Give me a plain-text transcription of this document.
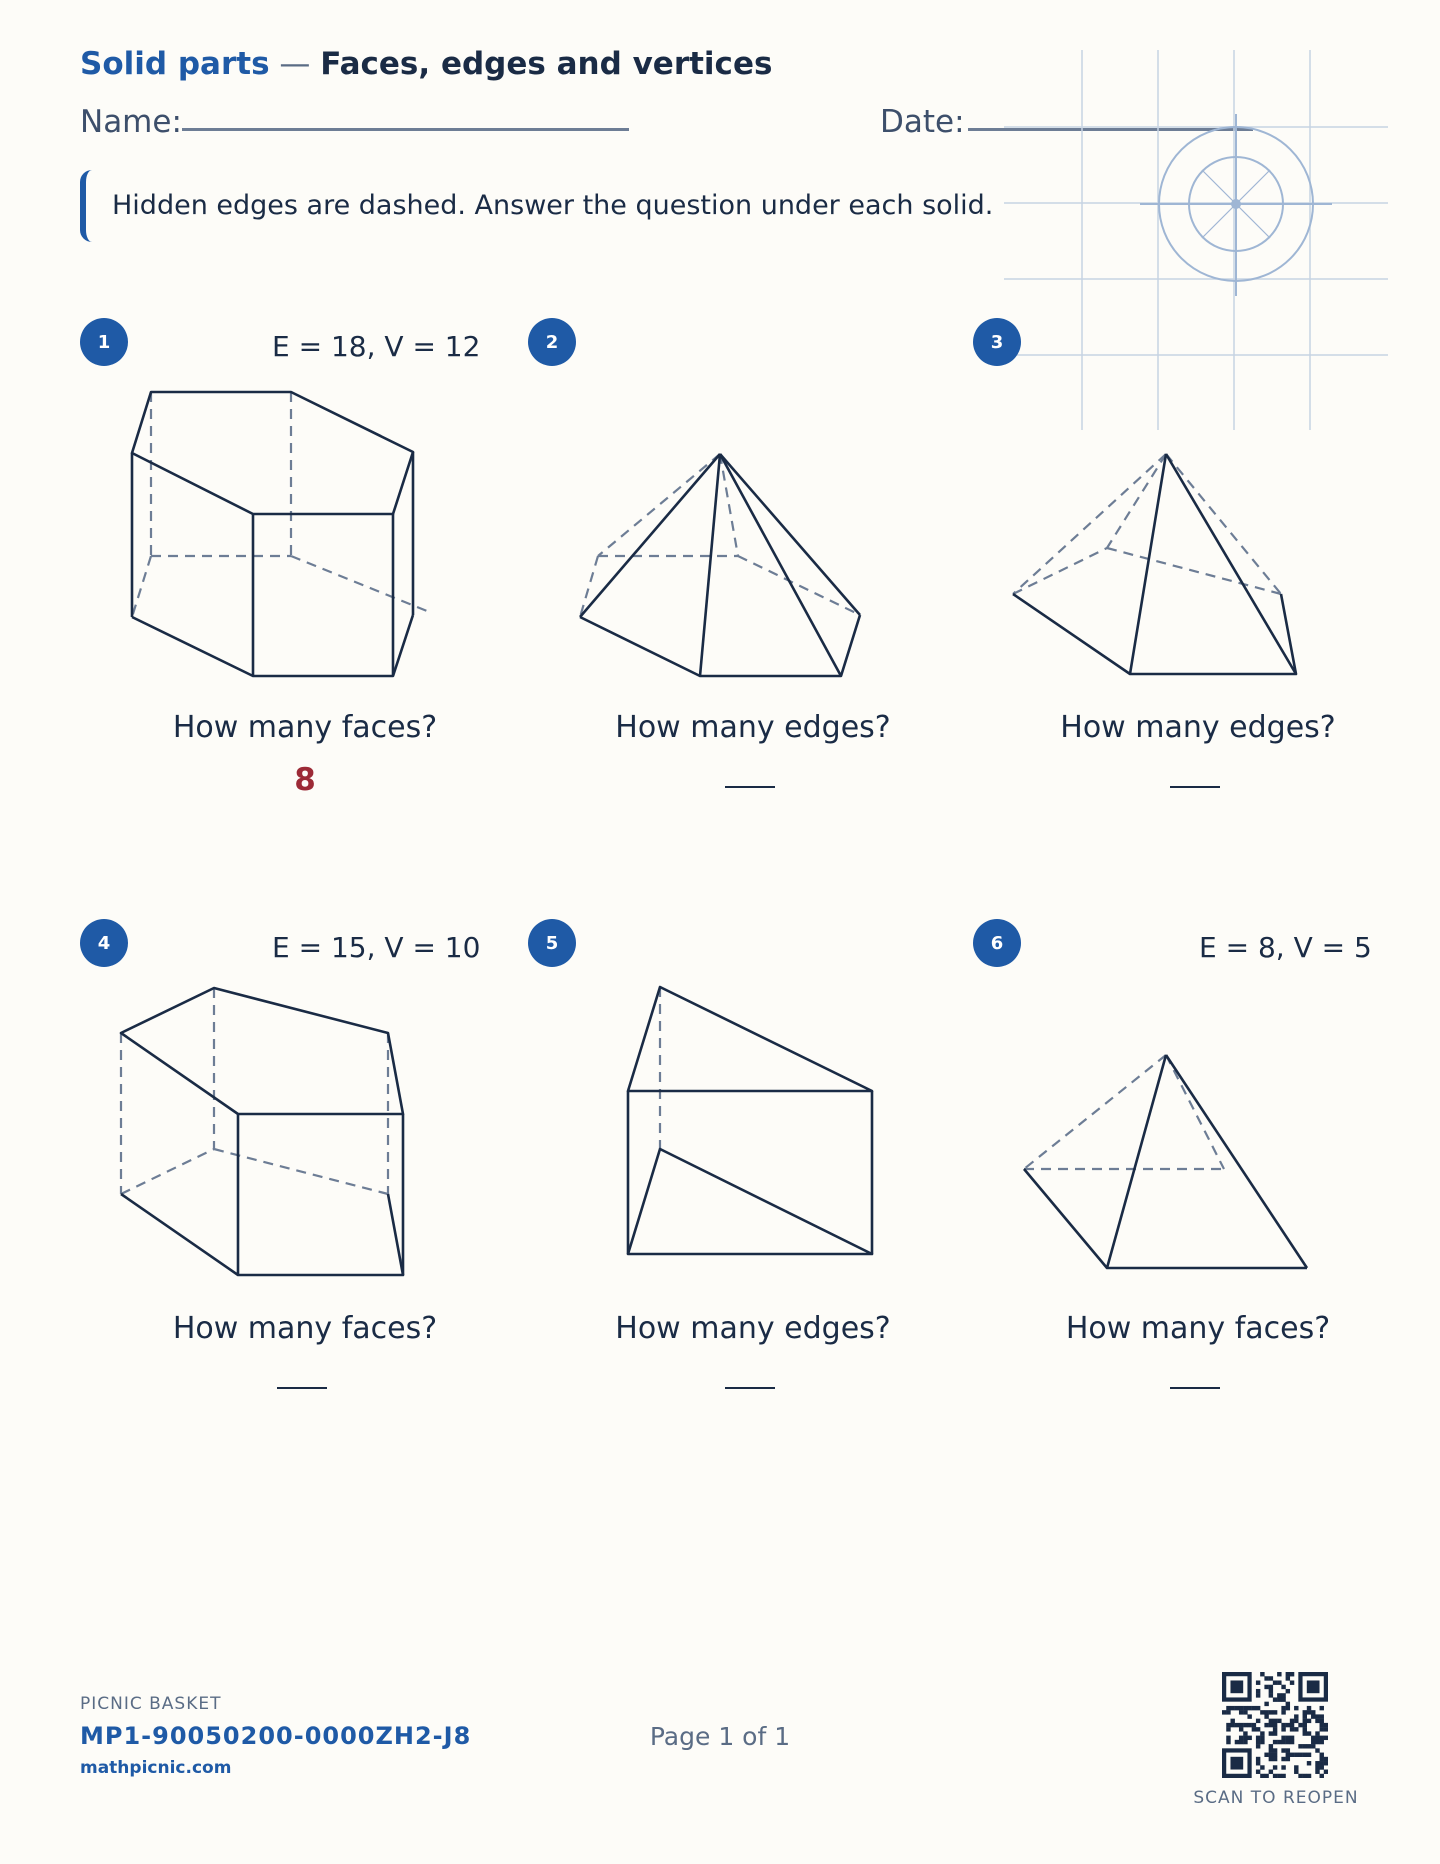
Solid parts — Faces, edges and vertices
Name:	Date:
Hidden edges are dashed. Answer the question under each solid.
1	E = 18, V = 12
How many faces?
8
2
How many edges?
3
How many edges?
4	E = 15, V = 10
How many faces?
5
How many edges?
6	E = 8, V = 5
How many faces?
PICNIC BASKET
MP1-90050200-0000ZH2-J8
mathpicnic.com
Page 1 of 1
SCAN TO REOPEN
